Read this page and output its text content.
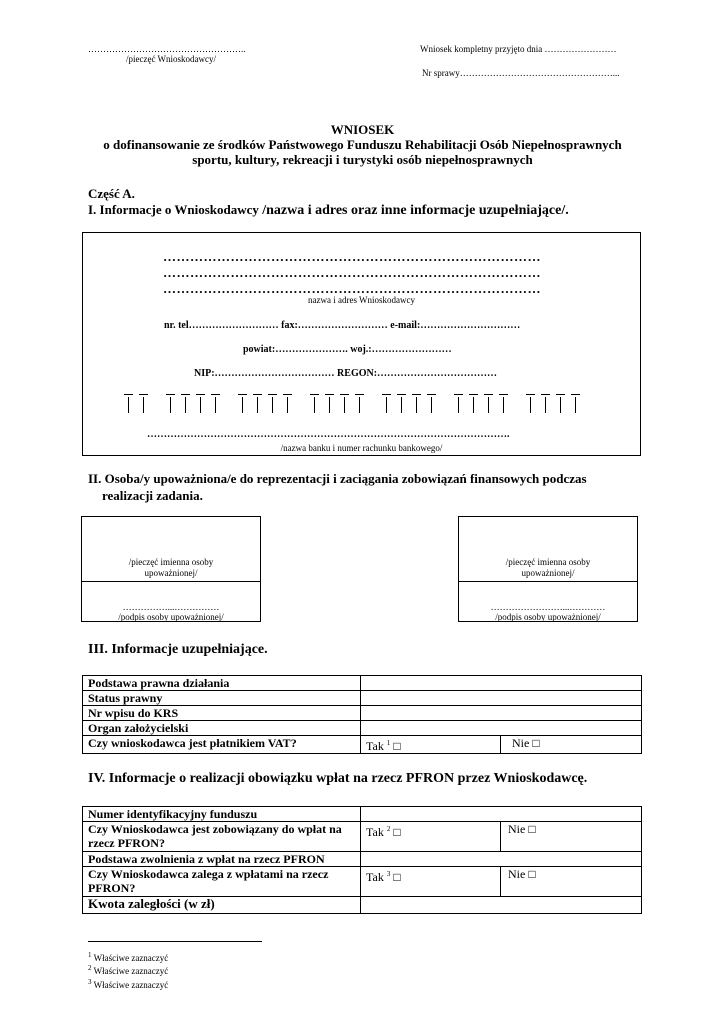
……………………………………………..
/pieczęć Wnioskodawcy/
Wniosek kompletny przyjęto dnia ……………………
Nr sprawy……………………………………………...
WNIOSEK
o dofinansowanie ze środków Państwowego Funduszu Rehabilitacji Osób Niepełnosprawnych
sportu, kultury, rekreacji i turystyki osób niepełnosprawnych
Część A.
I. Informacje o Wnioskodawcy /nazwa i adres oraz inne informacje uzupełniające/.
…………………………………………………………………………
…………………………………………………………………………
…………………………………………………………………………
nazwa i adres Wnioskodawcy
nr. tel……………………… fax:……………………… e-mail:…………………………
powiat:…………………. woj.:……………………
NIP:……………………………… REGON:………………………………
……………………………………………………………………………………………….
/nazwa banku i numer rachunku bankowego/
II. Osoba/y upoważniona/e do reprezentacji i zaciągania zobowiązań finansowych podczas
realizacji zadania.
/pieczęć imienna osoby
upoważnionej/
……………...……………
/podpis osoby upoważnionej/
/pieczęć imienna osoby
upoważnionej/
……………………...…………
/podpis osoby upoważnionej/
III. Informacje uzupełniające.
Podstawa prawna działania		
Status prawny		
Nr wpisu do KRS		
Organ założycielski		
Czy wnioskodawca jest płatnikiem VAT?	Tak $^1$ □	Nie □
IV. Informacje o realizacji obowiązku wpłat na rzecz PFRON przez Wnioskodawcę.
Numer identyfikacyjny funduszu		
Czy Wnioskodawca jest zobowiązany do wpłat na rzecz PFRON?	Tak $^2$ □	Nie □
Podstawa zwolnienia z wpłat na rzecz PFRON		
Czy Wnioskodawca zalega z wpłatami na rzecz PFRON?	Tak $^3$ □	Nie □
Kwota zaległości (w zł)		
$^1$ Właściwe zaznaczyć
$^2$ Właściwe zaznaczyć
$^3$ Właściwe zaznaczyć
